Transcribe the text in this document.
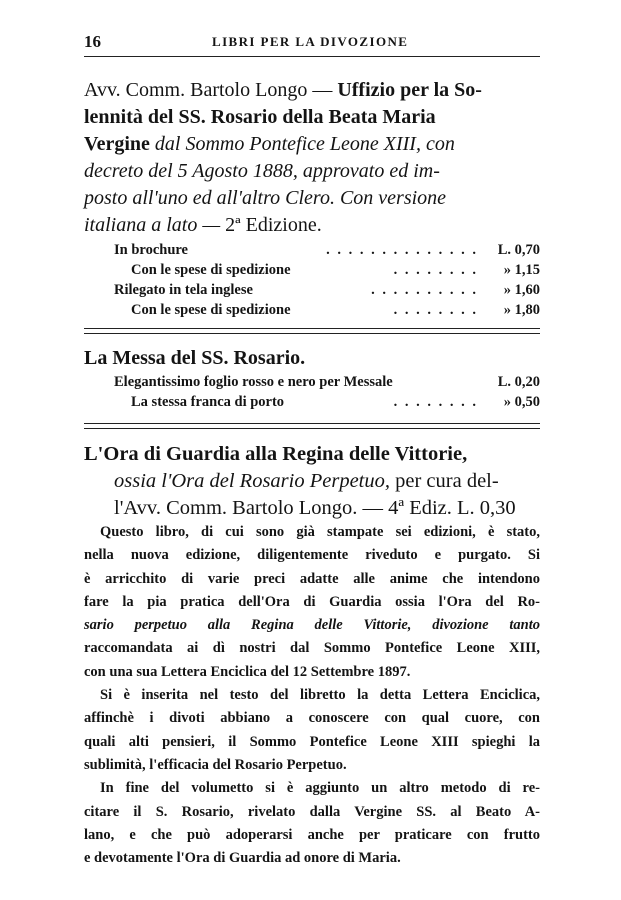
16	LIBRI PER LA DIVOZIONE
Avv. Comm. Bartolo Longo — Uffizio per la So-
lennità del SS. Rosario della Beata Maria
Vergine dal Sommo Pontefice Leone XIII, con
decreto del 5 Agosto 1888, approvato ed im-
posto all'uno ed all'altro Clero. Con versione
italiana a lato — 2ª Edizione.
In brochure	. . . . . . . . . . . . . . L. 0,70
Con le spese di spedizione	. . . . . . . . » 1,15
Rilegato in tela inglese	. . . . . . . . . . » 1,60
Con le spese di spedizione	. . . . . . . . » 1,80
La Messa del SS. Rosario.
Elegantissimo foglio rosso e nero per Messale	L. 0,20
La stessa franca di porto	. . . . . . . . » 0,50
L'Ora di Guardia alla Regina delle Vittorie,
ossia l'Ora del Rosario Perpetuo, per cura del-
l'Avv. Comm. Bartolo Longo. — 4ª Ediz. L. 0,30
Questo libro, di cui sono già stampate sei edizioni, è stato,
nella nuova edizione, diligentemente riveduto e purgato. Si
è arricchito di varie preci adatte alle anime che intendono
fare la pia pratica dell'Ora di Guardia ossia l'Ora del Ro-
sario perpetuo alla Regina delle Vittorie, divozione tanto
raccomandata ai dì nostri dal Sommo Pontefice Leone XIII,
con una sua Lettera Enciclica del 12 Settembre 1897.
Si è inserita nel testo del libretto la detta Lettera Enciclica,
affinchè i divoti abbiano a conoscere con qual cuore, con
quali alti pensieri, il Sommo Pontefice Leone XIII spieghi la
sublimità, l'efficacia del Rosario Perpetuo.
In fine del volumetto si è aggiunto un altro metodo di re-
citare il S. Rosario, rivelato dalla Vergine SS. al Beato A-
lano, e che può adoperarsi anche per praticare con frutto
e devotamente l'Ora di Guardia ad onore di Maria.
